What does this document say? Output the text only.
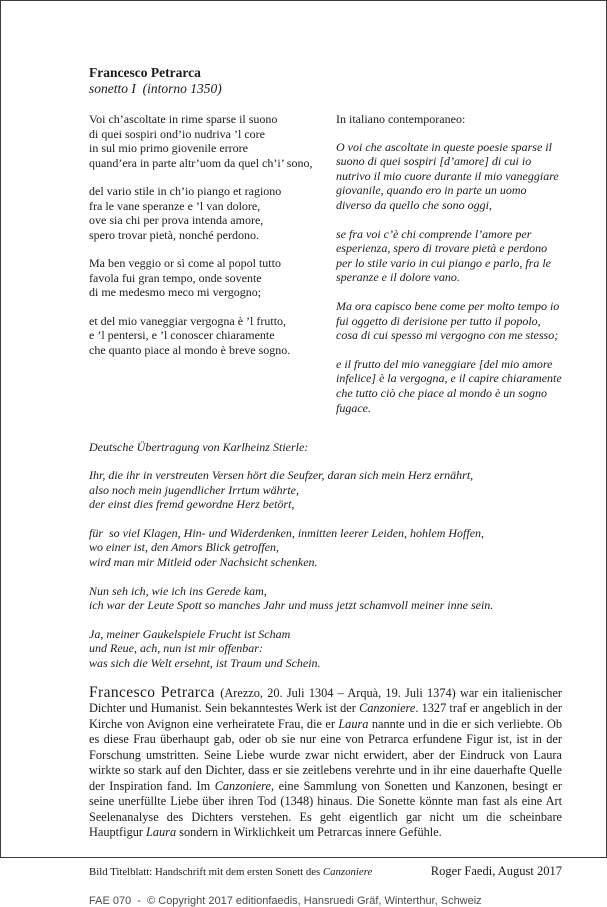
Francesco Petrarca
sonetto I  (intorno 1350)
Voi ch’ascoltate in rime sparse il suono
di quei sospiri ond’io nudriva ’l core
in sul mio primo giovenile errore
quand’era in parte altr’uom da quel ch’i’ sono,
del vario stile in ch’io piango et ragiono
fra le vane speranze e ’l van dolore,
ove sia chi per prova intenda amore,
spero trovar pietà, nonché perdono.
Ma ben veggio or sì come al popol tutto
favola fui gran tempo, onde sovente
di me medesmo meco mi vergogno;
et del mio vaneggiar vergogna è ’l frutto,
e ’l pentersi, e ’l conoscer chiaramente
che quanto piace al mondo è breve sogno.
In italiano contemporaneo:

O voi che ascoltate in queste poesie sparse il suono di quei sospiri [d’amore] di cui io nutrivo il mio cuore durante il mio vaneggiare giovanile, quando ero in parte un uomo diverso da quello che sono oggi,

se fra voi c’è chi comprende l’amore per esperienza, spero di trovare pietà e perdono per lo stile vario in cui piango e parlo, fra le speranze e il dolore vano.

Ma ora capisco bene come per molto tempo io fui oggetto di derisione per tutto il popolo, cosa di cui spesso mi vergogno con me stesso;

e il frutto del mio vaneggiare [del mio amore infelice] è la vergogna, e il capire chiaramente che tutto ciò che piace al mondo è un sogno fugace.

Deutsche Übertragung von Karlheinz Stierle:
Ihr, die ihr in verstreuten Versen hört die Seufzer, daran sich mein Herz ernährt,
also noch mein jugendlicher Irrtum währte,
der einst dies fremd gewordne Herz betört,
für  so viel Klagen, Hin- und Widerdenken, inmitten leerer Leiden, hohlem Hoffen,
wo einer ist, den Amors Blick getroffen,
wird man mir Mitleid oder Nachsicht schenken.
Nun seh ich, wie ich ins Gerede kam,
ich war der Leute Spott so manches Jahr und muss jetzt schamvoll meiner inne sein.
Ja, meiner Gaukelspiele Frucht ist Scham
und Reue, ach, nun ist mir offenbar:
was sich die Welt ersehnt, ist Traum und Schein.
Francesco Petrarca (Arezzo, 20. Juli 1304 – Arquà, 19. Juli 1374) war ein italienischer Dichter und Humanist. Sein bekanntestes Werk ist der Canzoniere. 1327 traf er angeblich in der Kirche von Avignon eine verheiratete Frau, die er Laura nannte und in die er sich verliebte. Ob es diese Frau überhaupt gab, oder ob sie nur eine von Petrarca erfundene Figur ist, ist in der Forschung umstritten. Seine Liebe wurde zwar nicht erwidert, aber der Eindruck von Laura wirkte so stark auf den Dichter, dass er sie zeitlebens verehrte und in ihr eine dauerhafte Quelle der Inspiration fand. Im Canzoniere, eine Sammlung von Sonetten und Kanzonen, besingt er seine unerfüllte Liebe über ihren Tod (1348) hinaus. Die Sonette könnte man fast als eine Art Seelenanalyse des Dichters verstehen. Es geht eigentlich gar nicht um die scheinbare Hauptfigur Laura sondern in Wirklichkeit um Petrarcas innere Gefühle.
Bild Titelblatt: Handschrift mit dem ersten Sonett des Canzoniere	Roger Faedi, August 2017
FAE 070  -  © Copyright 2017 editionfaedis, Hansruedi Gräf, Winterthur, Schweiz
